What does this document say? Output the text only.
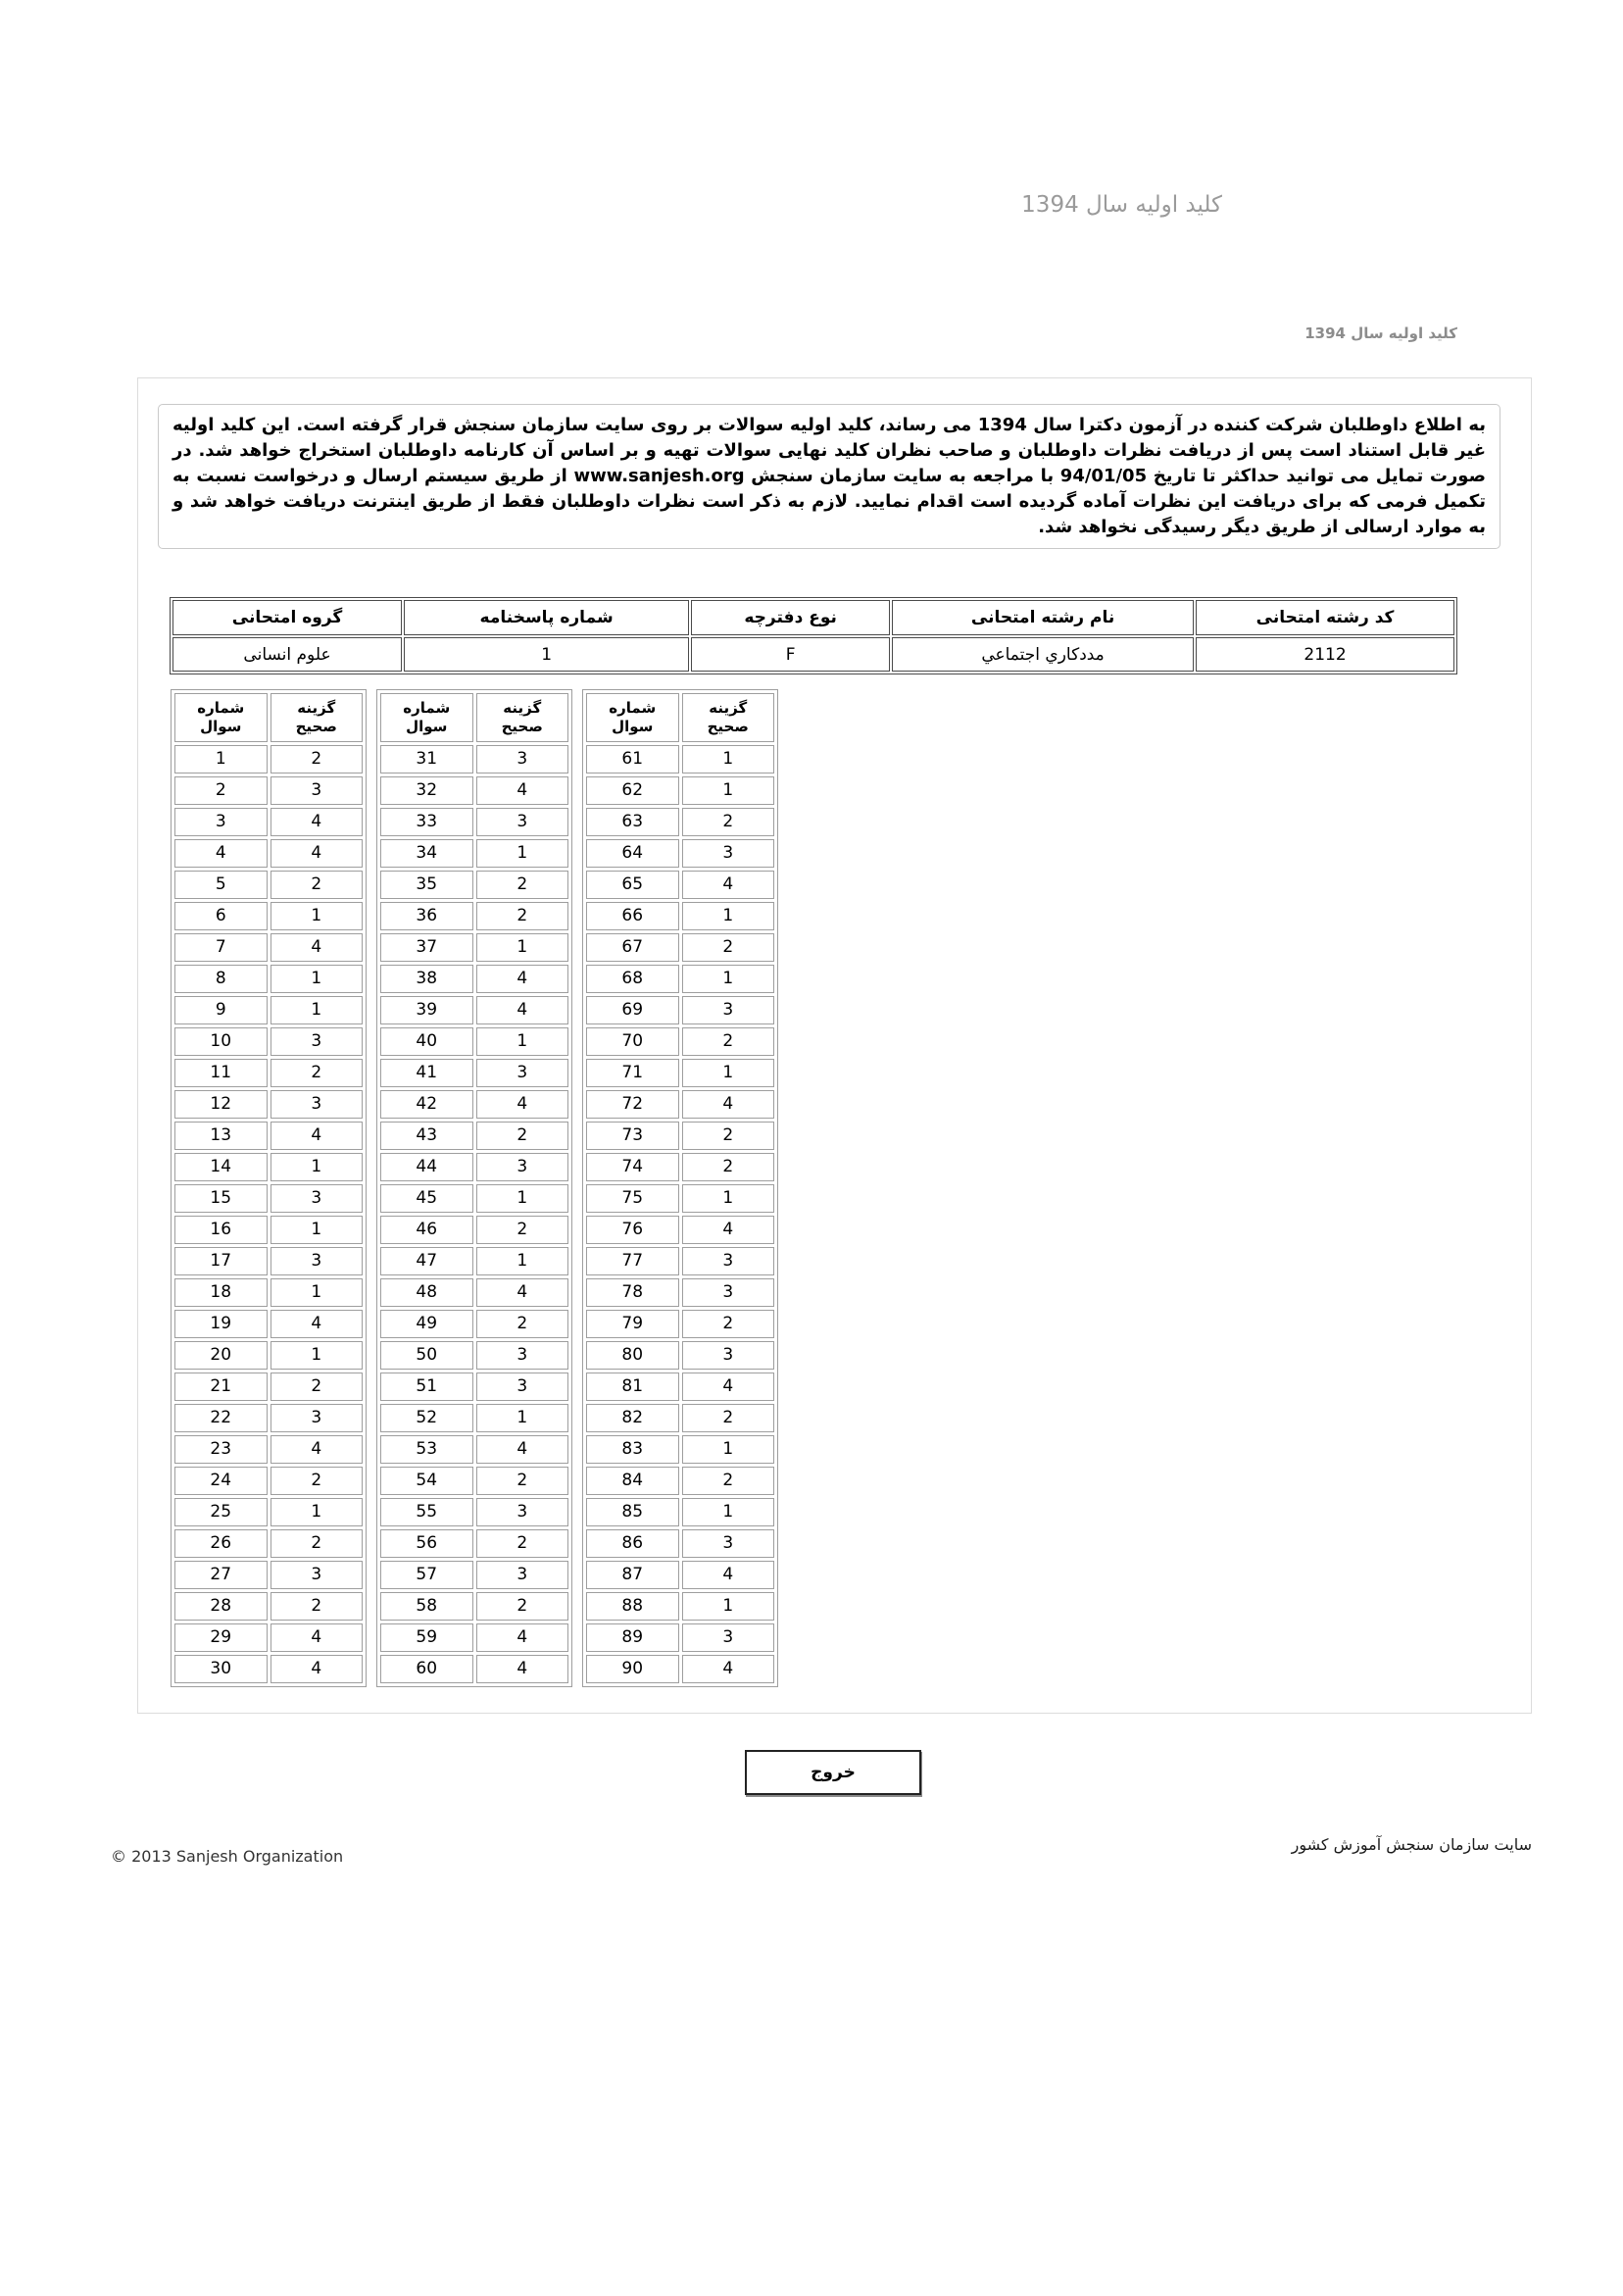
کلید اولیه سال 1394
کلید اولیه سال 1394
به اطلاع داوطلبان شركت كننده در آزمون دكترا سال 1394 می رساند، كلید اولیه سوالات بر روی سایت سازمان سنجش قرار گرفته است. این كلید اولیه غیر قابل استناد است پس از دریافت نظرات داوطلبان و صاحب نظران كلید نهایی سوالات تهیه و بر اساس آن كارنامه داوطلبان استخراج خواهد شد. در صورت تمایل می توانید حداكثر تا تاریخ 94/01/05 با مراجعه به سایت سازمان سنجش www.sanjesh.org از طریق سیستم ارسال و درخواست نسبت به تكمیل فرمی كه برای دریافت این نظرات آماده گردیده است اقدام نمایید. لازم به ذكر است نظرات داوطلبان فقط از طریق اینترنت دریافت خواهد شد و به موارد ارسالی از طریق دیگر رسیدگی نخواهد شد.
کد رشته امتحانی	نام رشته امتحانی	نوع دفترچه	شماره پاسخنامه	گروه امتحانی
2112	مددكاري اجتماعي	F	1	علوم انسانی
شماره سوال	گزینه صحیح
1	2
2	3
3	4
4	4
5	2
6	1
7	4
8	1
9	1
10	3
11	2
12	3
13	4
14	1
15	3
16	1
17	3
18	1
19	4
20	1
21	2
22	3
23	4
24	2
25	1
26	2
27	3
28	2
29	4
30	4
شماره سوال	گزینه صحیح
31	3
32	4
33	3
34	1
35	2
36	2
37	1
38	4
39	4
40	1
41	3
42	4
43	2
44	3
45	1
46	2
47	1
48	4
49	2
50	3
51	3
52	1
53	4
54	2
55	3
56	2
57	3
58	2
59	4
60	4
شماره سوال	گزینه صحیح
61	1
62	1
63	2
64	3
65	4
66	1
67	2
68	1
69	3
70	2
71	1
72	4
73	2
74	2
75	1
76	4
77	3
78	3
79	2
80	3
81	4
82	2
83	1
84	2
85	1
86	3
87	4
88	1
89	3
90	4
خروج
© 2013 Sanjesh Organization
سایت سازمان سنجش آموزش کشور
